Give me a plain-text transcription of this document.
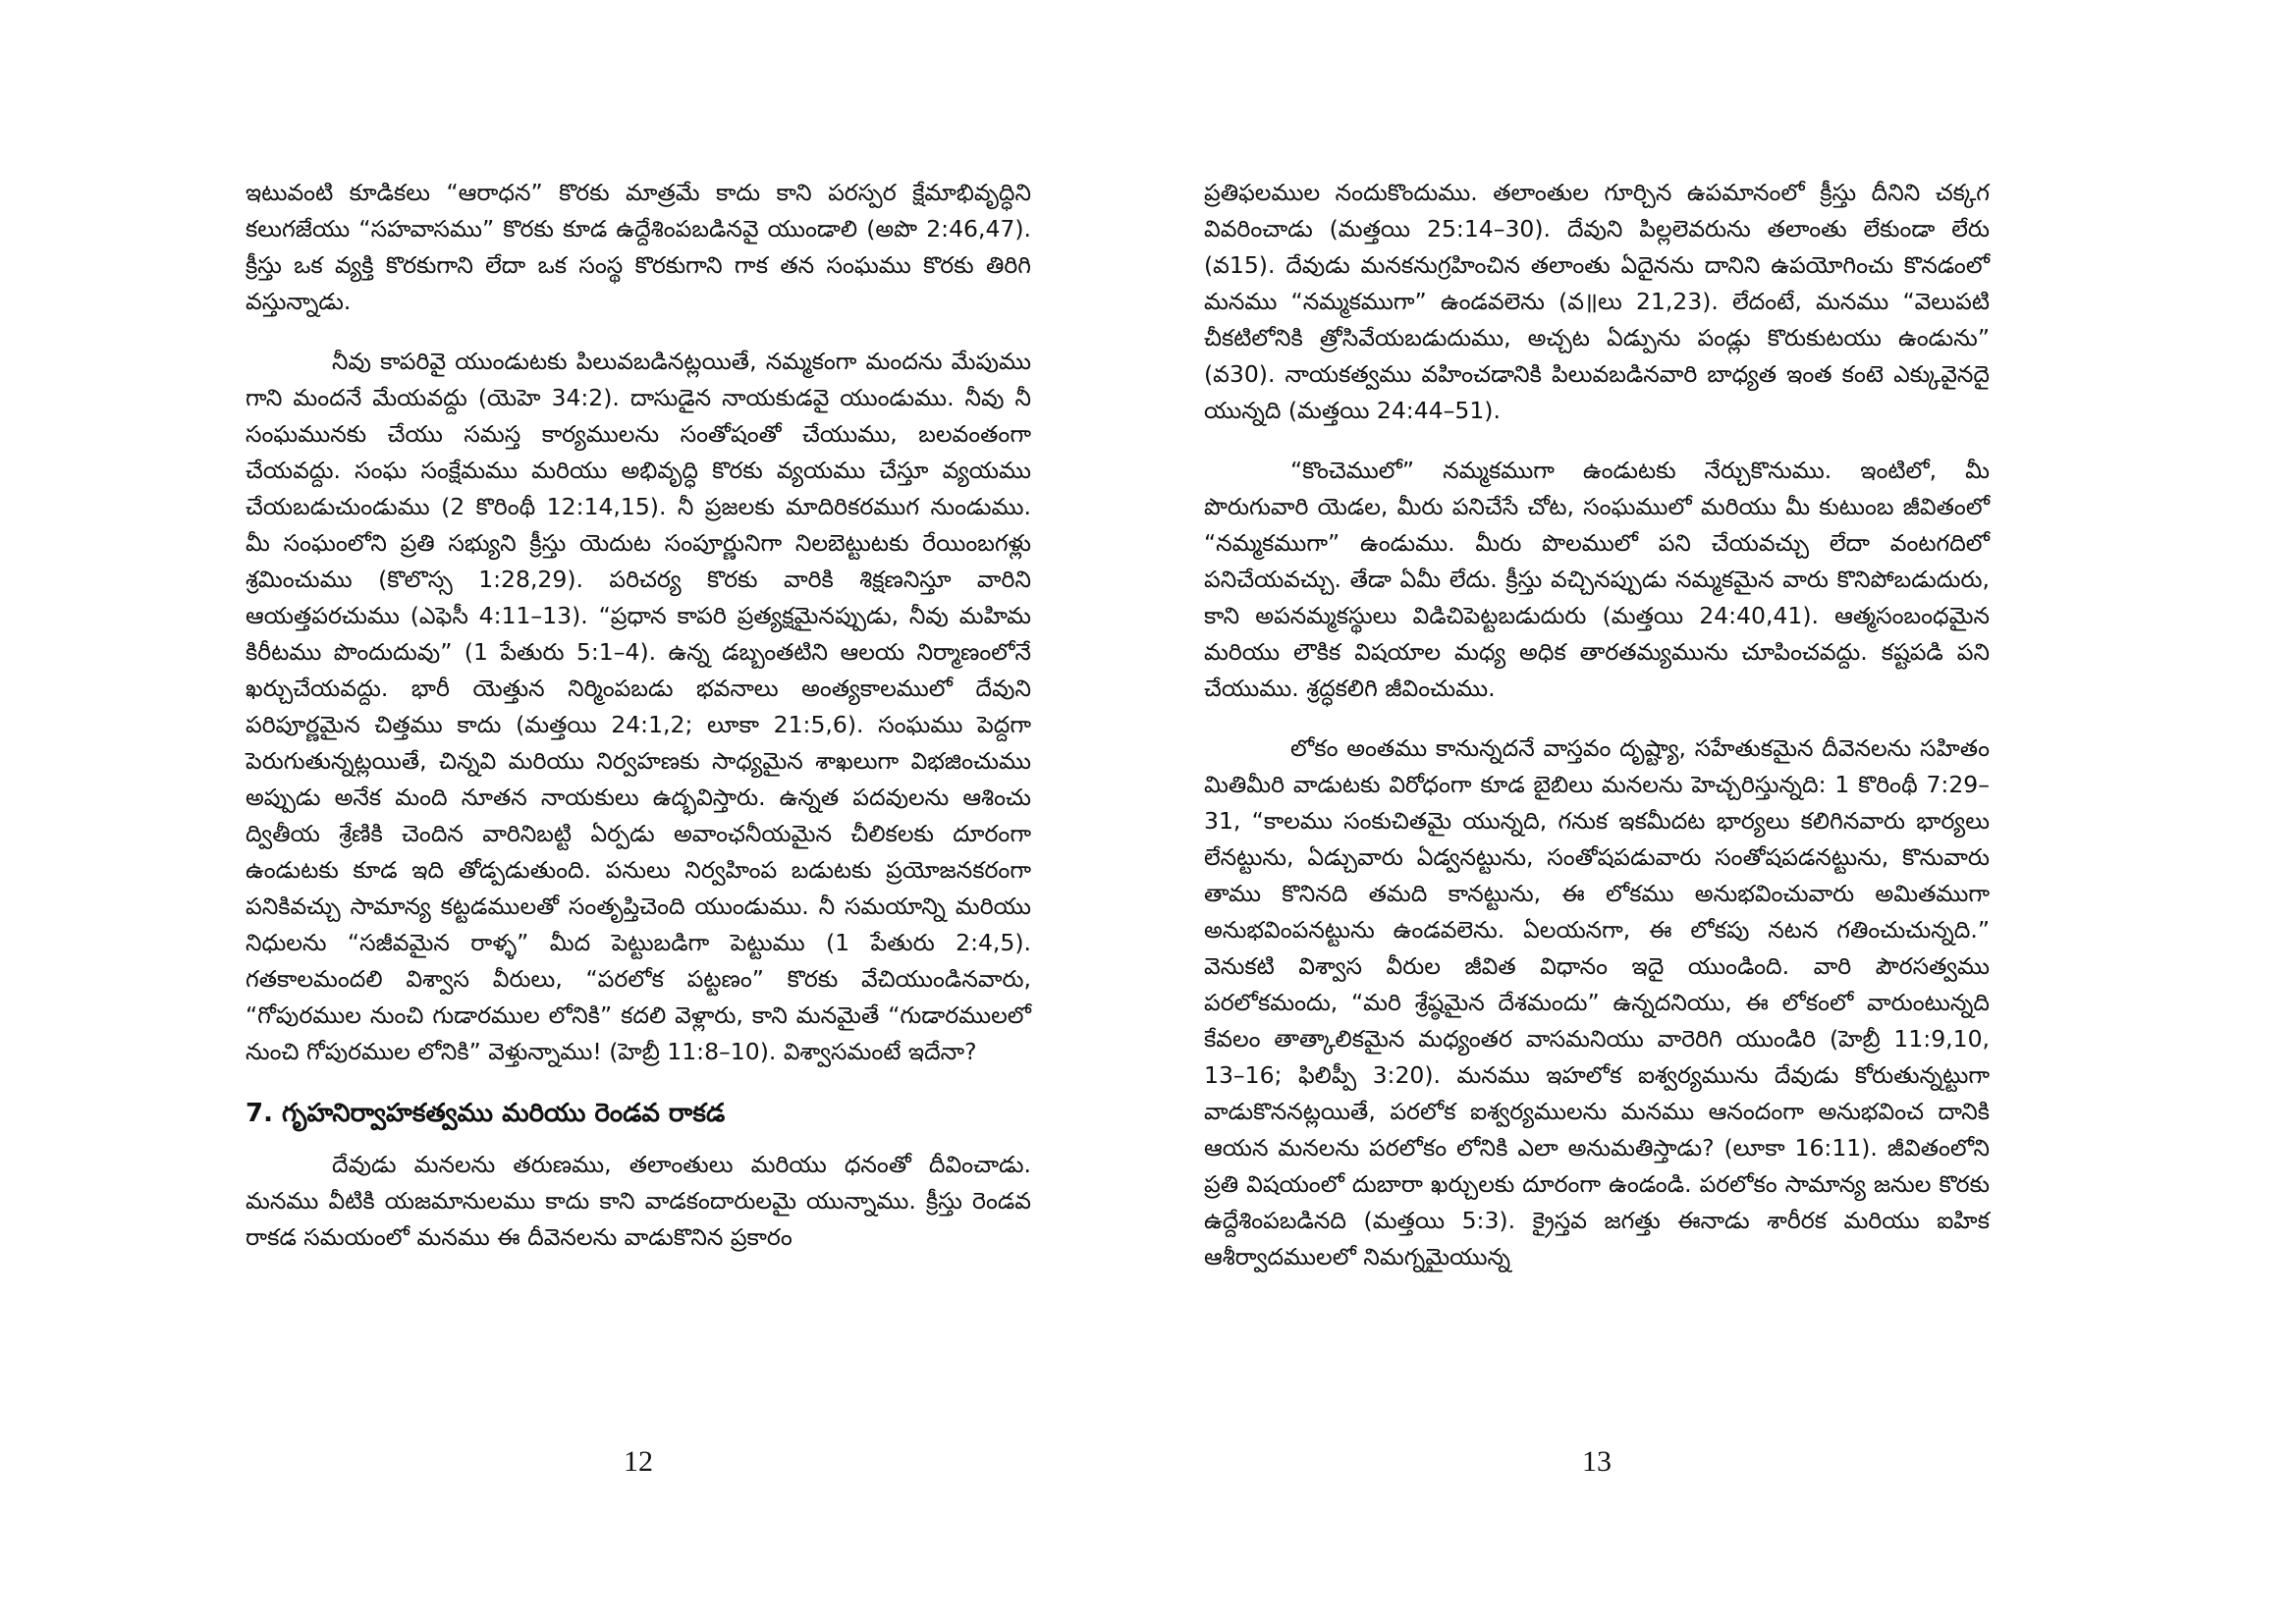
ఇటువంటి కూడికలు “ఆరాధన” కొరకు మాత్రమే కాదు కాని పరస్పర క్షేమాభివృద్ధిని కలుగజేయు “సహవాసము” కొరకు కూడ ఉద్దేశింపబడినవై యుండాలి (అపొ 2:46,47). క్రీస్తు ఒక వ్యక్తి కొరకుగాని లేదా ఒక సంస్థ కొరకుగాని గాక తన సంఘము కొరకు తిరిగి వస్తున్నాడు.

నీవు కాపరివై యుండుటకు పిలువబడినట్లయితే, నమ్మకంగా మందను మేపుము గాని మందనే మేయవద్దు (యెహె 34:2). దాసుడైన నాయకుడవై యుండుము. నీవు నీ సంఘమునకు చేయు సమస్త కార్యములను సంతోషంతో చేయుము, బలవంతంగా చేయవద్దు. సంఘ సంక్షేమము మరియు అభివృద్ధి కొరకు వ్యయము చేస్తూ వ్యయము చేయబడుచుండుము (2 కొరింథీ 12:14,15). నీ ప్రజలకు మాదిరికరముగ నుండుము. మీ సంఘంలోని ప్రతి సభ్యుని క్రీస్తు యెదుట సంపూర్ణునిగా నిలబెట్టుటకు రేయింబగళ్లు శ్రమించుము (కొలొస్స 1:28,29). పరిచర్య కొరకు వారికి శిక్షణనిస్తూ వారిని ఆయత్తపరచుము (ఎఫెసీ 4:11–13). “ప్రధాన కాపరి ప్రత్యక్షమైనప్పుడు, నీవు మహిమ కిరీటము పొందుదువు” (1 పేతురు 5:1–4). ఉన్న డబ్బంతటిని ఆలయ నిర్మాణంలోనే ఖర్చుచేయవద్దు. భారీ యెత్తున నిర్మింపబడు భవనాలు అంత్యకాలములో దేవుని పరిపూర్ణమైన చిత్తము కాదు (మత్తయి 24:1,2; లూకా 21:5,6). సంఘము పెద్దగా పెరుగుతున్నట్లయితే, చిన్నవి మరియు నిర్వహణకు సాధ్యమైన శాఖలుగా విభజించుము అప్పుడు అనేక మంది నూతన నాయకులు ఉద్భవిస్తారు. ఉన్నత పదవులను ఆశించు ద్వితీయ శ్రేణికి చెందిన వారినిబట్టి ఏర్పడు అవాంఛనీయమైన చీలికలకు దూరంగా ఉండుటకు కూడ ఇది తోడ్పడుతుంది. పనులు నిర్వహింప బడుటకు ప్రయోజనకరంగా పనికివచ్చు సామాన్య కట్టడములతో సంతృప్తిచెంది యుండుము. నీ సమయాన్ని మరియు నిధులను “సజీవమైన రాళ్ళ” మీద పెట్టుబడిగా పెట్టుము (1 పేతురు 2:4,5). గతకాలమందలి విశ్వాస వీరులు, “పరలోక పట్టణం” కొరకు వేచియుండినవారు, “గోపురముల నుంచి గుడారముల లోనికి” కదలి వెళ్లారు, కాని మనమైతే “గుడారములలో నుంచి గోపురముల లోనికి” వెళ్తున్నాము! (హెబ్రీ 11:8–10). విశ్వాసమంటే ఇదేనా?

7. గృహనిర్వాహకత్వము మరియు రెండవ రాకడ

దేవుడు మనలను తరుణము, తలాంతులు మరియు ధనంతో దీవించాడు. మనము వీటికి యజమానులము కాదు కాని వాడకందారులమై యున్నాము. క్రీస్తు రెండవ రాకడ సమయంలో మనము ఈ దీవెనలను వాడుకొనిన ప్రకారం

12

ప్రతిఫలముల నందుకొందుము. తలాంతుల గూర్చిన ఉపమానంలో క్రీస్తు దీనిని చక్కగ వివరించాడు (మత్తయి 25:14–30). దేవుని పిల్లలెవరును తలాంతు లేకుండా లేరు (వ15). దేవుడు మనకనుగ్రహించిన తలాంతు ఏదైనను దానిని ఉపయోగించు కొనడంలో మనము “నమ్మకముగా” ఉండవలెను (వ॥లు 21,23). లేదంటే, మనము “వెలుపటి చీకటిలోనికి త్రోసివేయబడుదుము, అచ్చట ఏడ్పును పండ్లు కొరుకుటయు ఉండును” (వ30). నాయకత్వము వహించడానికి పిలువబడినవారి బాధ్యత ఇంత కంటె ఎక్కువైనదై యున్నది (మత్తయి 24:44–51).

“కొంచెములో” నమ్మకముగా ఉండుటకు నేర్చుకొనుము. ఇంటిలో, మీ పొరుగువారి యెడల, మీరు పనిచేసే చోట, సంఘములో మరియు మీ కుటుంబ జీవితంలో “నమ్మకముగా” ఉండుము. మీరు పొలములో పని చేయవచ్చు లేదా వంటగదిలో పనిచేయవచ్చు. తేడా ఏమీ లేదు. క్రీస్తు వచ్చినప్పుడు నమ్మకమైన వారు కొనిపోబడుదురు, కాని అపనమ్మకస్థులు విడిచిపెట్టబడుదురు (మత్తయి 24:40,41). ఆత్మసంబంధమైన మరియు లౌకిక విషయాల మధ్య అధిక తారతమ్యమును చూపించవద్దు. కష్టపడి పని చేయుము. శ్రద్ధకలిగి జీవించుము.

లోకం అంతము కానున్నదనే వాస్తవం దృష్ట్యా, సహేతుకమైన దీవెనలను సహితం మితిమీరి వాడుటకు విరోధంగా కూడ బైబిలు మనలను హెచ్చరిస్తున్నది: 1 కొరింథీ 7:29–31, “కాలము సంకుచితమై యున్నది, గనుక ఇకమీదట భార్యలు కలిగినవారు భార్యలు లేనట్టును, ఏడ్చువారు ఏడ్వనట్టును, సంతోషపడువారు సంతోషపడనట్టును, కొనువారు తాము కొనినది తమది కానట్టును, ఈ లోకము అనుభవించువారు అమితముగా అనుభవింపనట్టును ఉండవలెను. ఏలయనగా, ఈ లోకపు నటన గతించుచున్నది.” వెనుకటి విశ్వాస వీరుల జీవిత విధానం ఇదై యుండింది. వారి పౌరసత్వము పరలోకమందు, “మరి శ్రేష్ఠమైన దేశమందు” ఉన్నదనియు, ఈ లోకంలో వారుంటున్నది కేవలం తాత్కాలికమైన మధ్యంతర వాసమనియు వారెరిగి యుండిరి (హెబ్రీ 11:9,10, 13–16; ఫిలిప్పీ 3:20). మనము ఇహలోక ఐశ్వర్యమును దేవుడు కోరుతున్నట్టుగా వాడుకొననట్లయితే, పరలోక ఐశ్వర్యములను మనము ఆనందంగా అనుభవించ దానికి ఆయన మనలను పరలోకం లోనికి ఎలా అనుమతిస్తాడు? (లూకా 16:11). జీవితంలోని ప్రతి విషయంలో దుబారా ఖర్చులకు దూరంగా ఉండండి. పరలోకం సామాన్య జనుల కొరకు ఉద్దేశింపబడినది (మత్తయి 5:3). క్రైస్తవ జగత్తు ఈనాడు శారీరక మరియు ఐహిక ఆశీర్వాదములలో నిమగ్నమైయున్న

13
